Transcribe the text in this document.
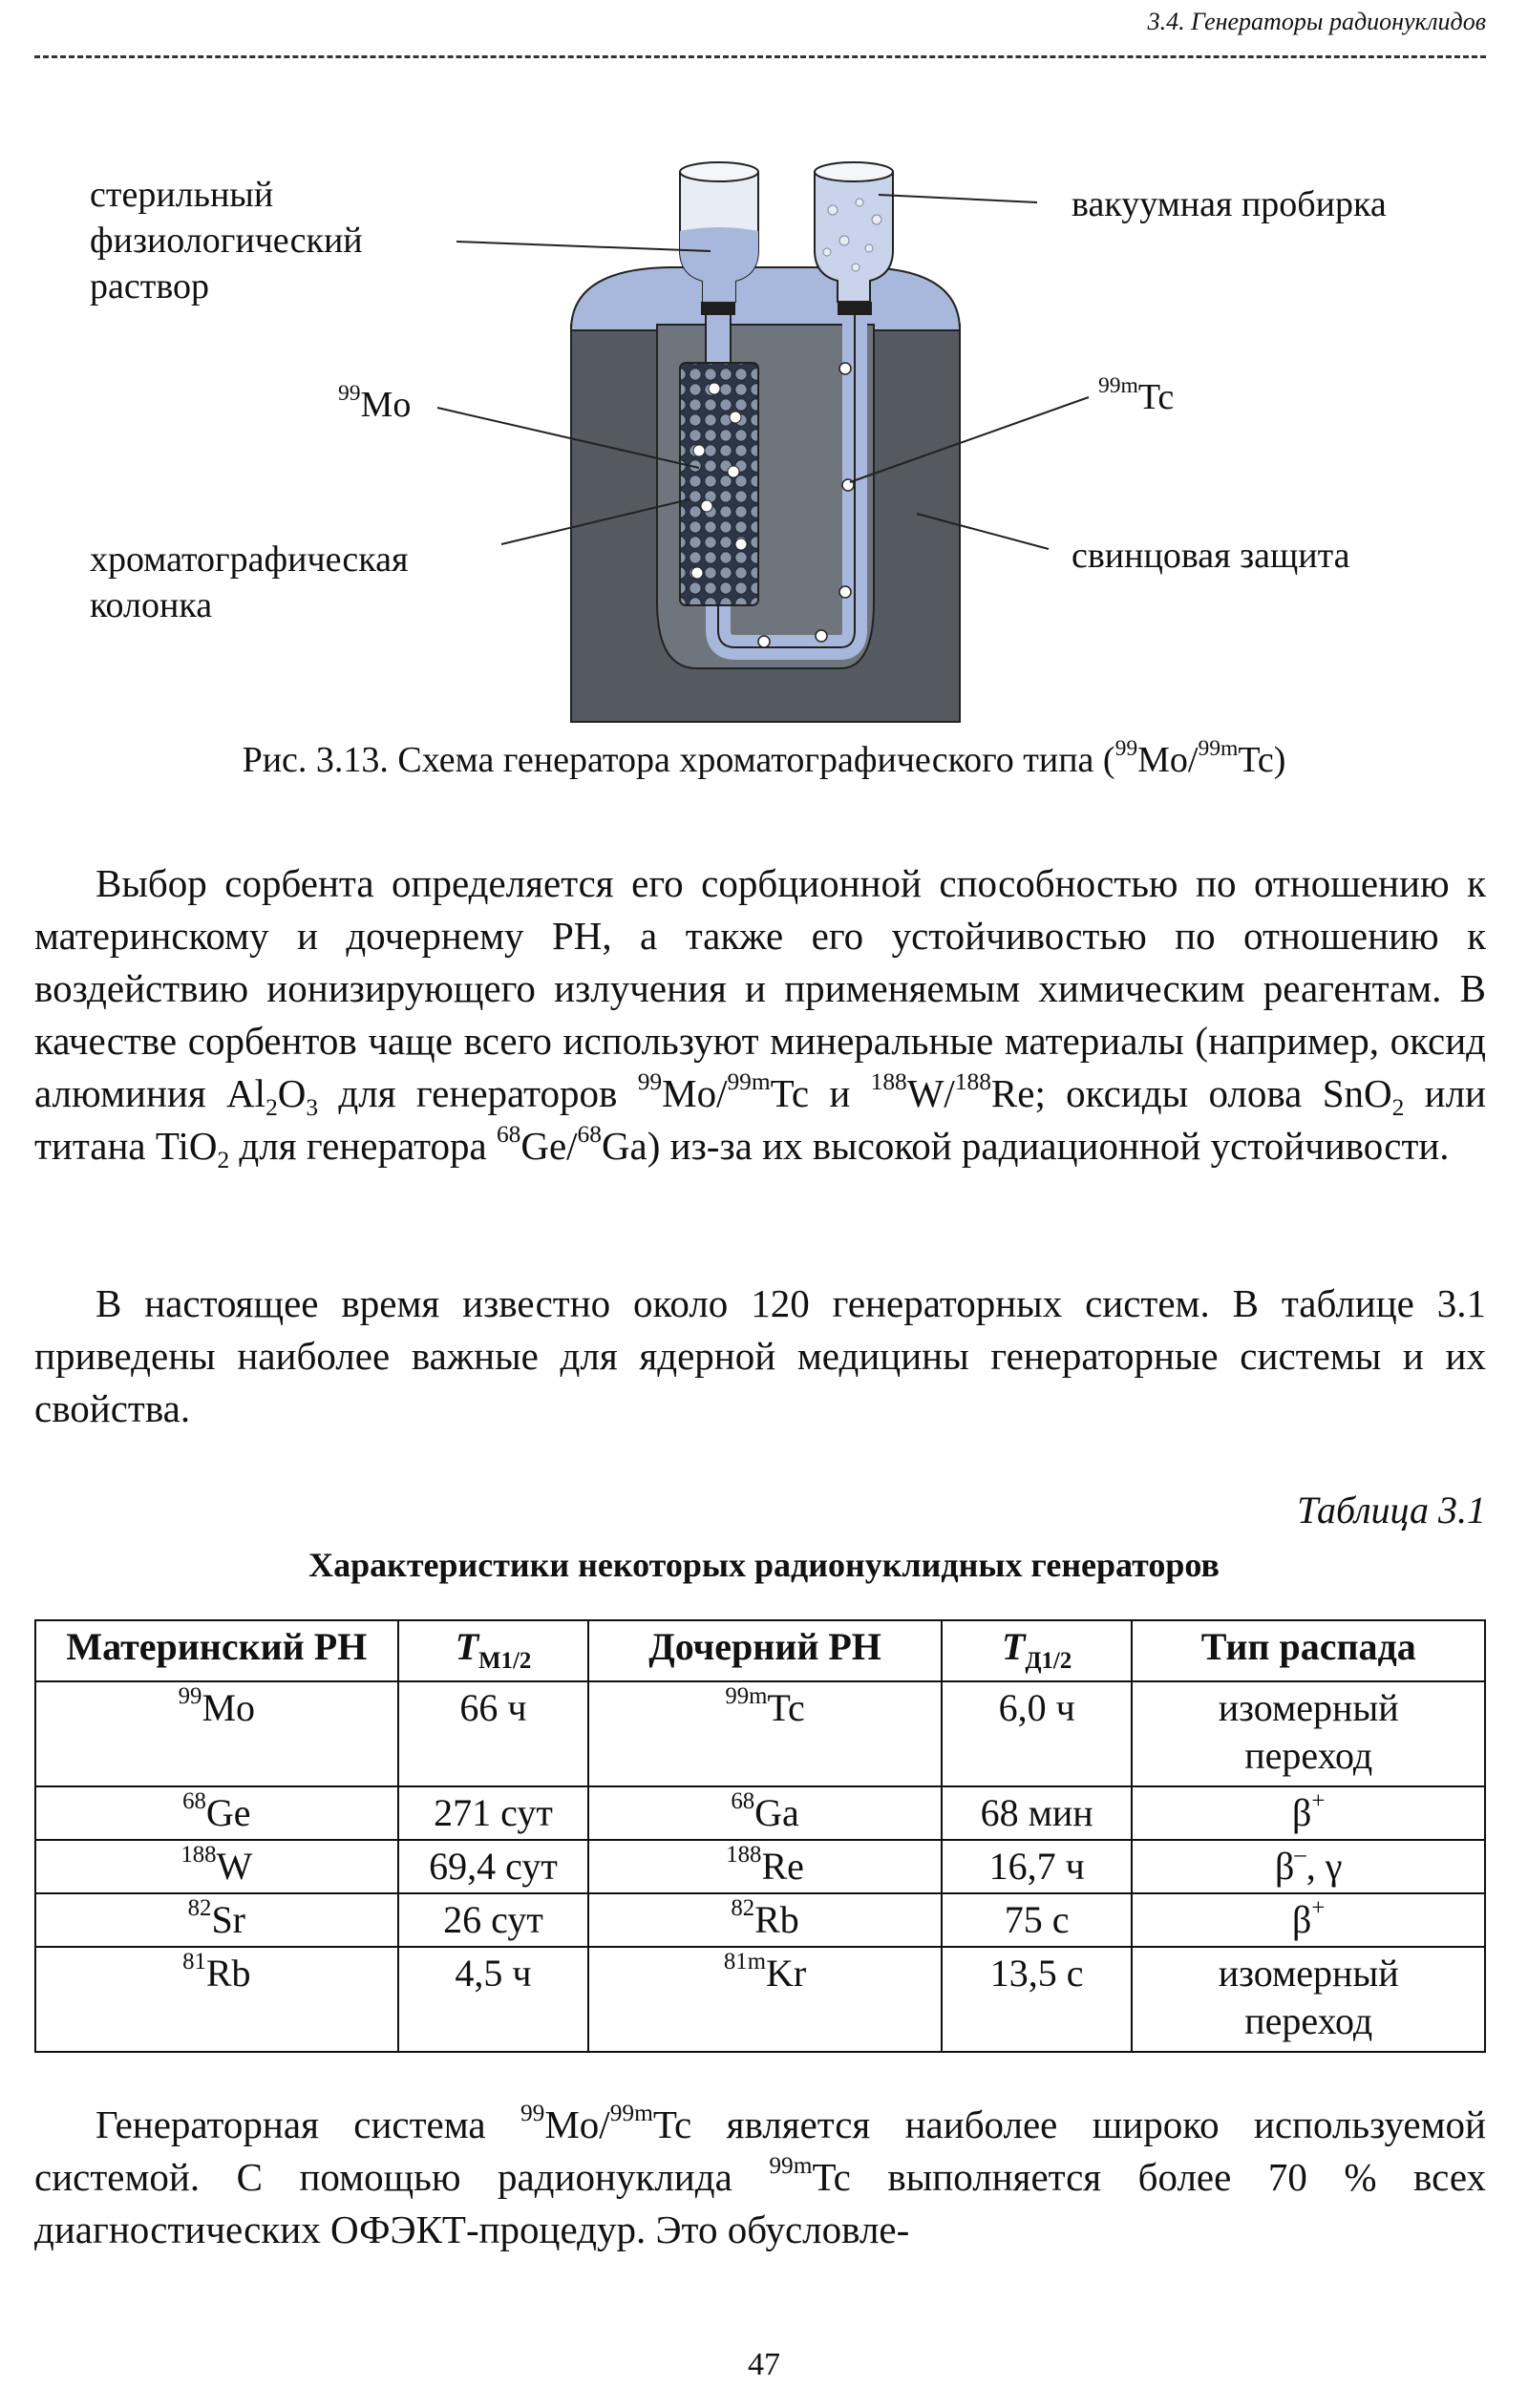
3.4. Генераторы радионуклидов
стерильный
физиологический
раствор
вакуумная пробирка
$^{99}$Mo	$^{99m}$Tc
хроматографическая
колонка
свинцовая защита
Рис. 3.13. Схема генератора хроматографического типа ($^{99}$Mo/$^{99m}$Tc)

Выбор сорбента определяется его сорбционной способностью по отношению к материнскому и дочернему РН, а также его устойчивостью по отношению к воздействию ионизирующего излучения и применяемым химическим реагентам. В качестве сорбентов чаще всего используют минеральные материалы (например, оксид алюминия $Al_2O_3$ для генераторов $^{99}$Mo/$^{99m}$Tc и $^{188}$W/$^{188}$Re; оксиды олова SnO$_2$ или титана TiO$_2$ для генератора $^{68}$Ge/$^{68}$Ga) из-за их высокой радиационной устойчивости.

В настоящее время известно около 120 генераторных систем. В таблице 3.1 приведены наиболее важные для ядерной медицины генераторные системы и их свойства.

Таблица 3.1
Характеристики некоторых радионуклидных генераторов
Материнский РН	$T_{М1/2}$	Дочерний РН	$T_{Д1/2}$	Тип распада
$^{99}$Mo	66 ч	$^{99m}$Tc	6,0 ч	изомерный
переход

$^{68}$Ge	271 сут	$^{68}$Ga	68 мин	β+
$^{188}$W	69,4 сут	$^{188}$Re	16,7 ч	β–, γ
$^{82}$Sr	26 сут	$^{82}$Rb	75 с	β+
$^{81}$Rb	4,5 ч	$^{81m}$Kr	13,5 с	изомерный
переход

Генераторная система $^{99}$Mo/$^{99m}$Tc является наиболее широко используемой системой. С помощью радионуклида $^{99m}$Tc выполняется более 70 % всех диагностических ОФЭКТ-процедур. Это обусловле-

47
